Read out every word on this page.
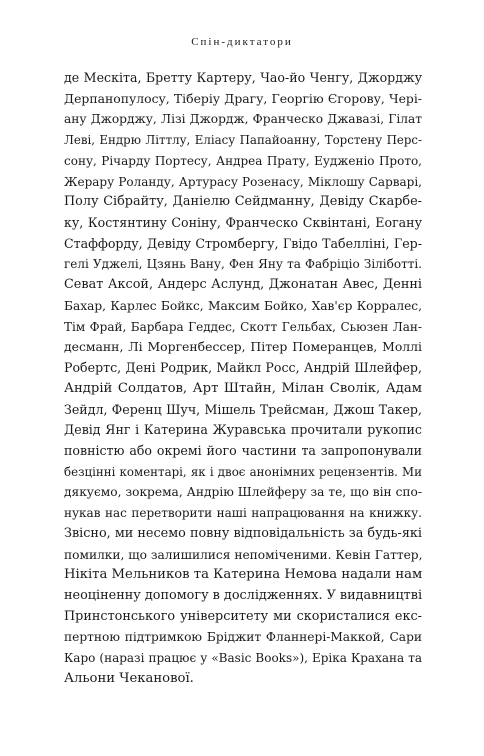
Спін-диктатори
де Мескіта, Бретту Картеру, Чао-йо Ченгу, Джорджу
Дерпанопулосу, Тіберіу Драгу, Георгію Єгорову, Чері-
ану Джорджу, Лізі Джордж, Франческо Джавазі, Гілат
Леві, Ендрю Літтлу, Еліасу Папайоанну, Торстену Перс-
сону, Річарду Портесу, Андреа Прату, Еудженіо Прото,
Жерару Роланду, Артурасу Розенасу, Міклошу Сарварі,
Полу Сібрайту, Даніелю Сейдманну, Девіду Скарбе-
ку, Костянтину Соніну, Франческо Сквінтані, Еогану
Стаффорду, Девіду Стромбергу, Гвідо Табелліні, Гер-
гелі Уджелі, Цзянь Вану, Фен Яну та Фабріціо Зіліботті.
Севат Аксой, Андерс Аслунд, Джонатан Авес, Денні
Бахар, Карлес Бойкс, Максим Бойко, Хав'єр Корралес,
Тім Фрай, Барбара Геддес, Скотт Гельбах, Сьюзен Лан-
десманн, Лі Моргенбессер, Пітер Померанцев, Моллі
Робертс, Дені Родрик, Майкл Росс, Андрій Шлейфер,
Андрій Солдатов, Арт Штайн, Мілан Сволік, Адам
Зейдл, Ференц Шуч, Мішель Трейсман, Джош Такер,
Девід Янг і Катерина Журавська прочитали рукопис
повністю або окремі його частини та запропонували
безцінні коментарі, як і двоє анонімних рецензентів. Ми
дякуємо, зокрема, Андрію Шлейферу за те, що він спо-
нукав нас перетворити наші напрацювання на книжку.
Звісно, ми несемо повну відповідальність за будь-які
помилки, що залишилися непоміченими. Кевін Гаттер,
Нікіта Мельников та Катерина Немова надали нам
неоціненну допомогу в дослідженнях. У видавництві
Принстонського університету ми скористалися екс-
пертною підтримкою Бріджит Фланнері-Маккой, Сари
Каро (наразі працює у «Basic Books»), Еріка Крахана та
Альони Чеканової.
